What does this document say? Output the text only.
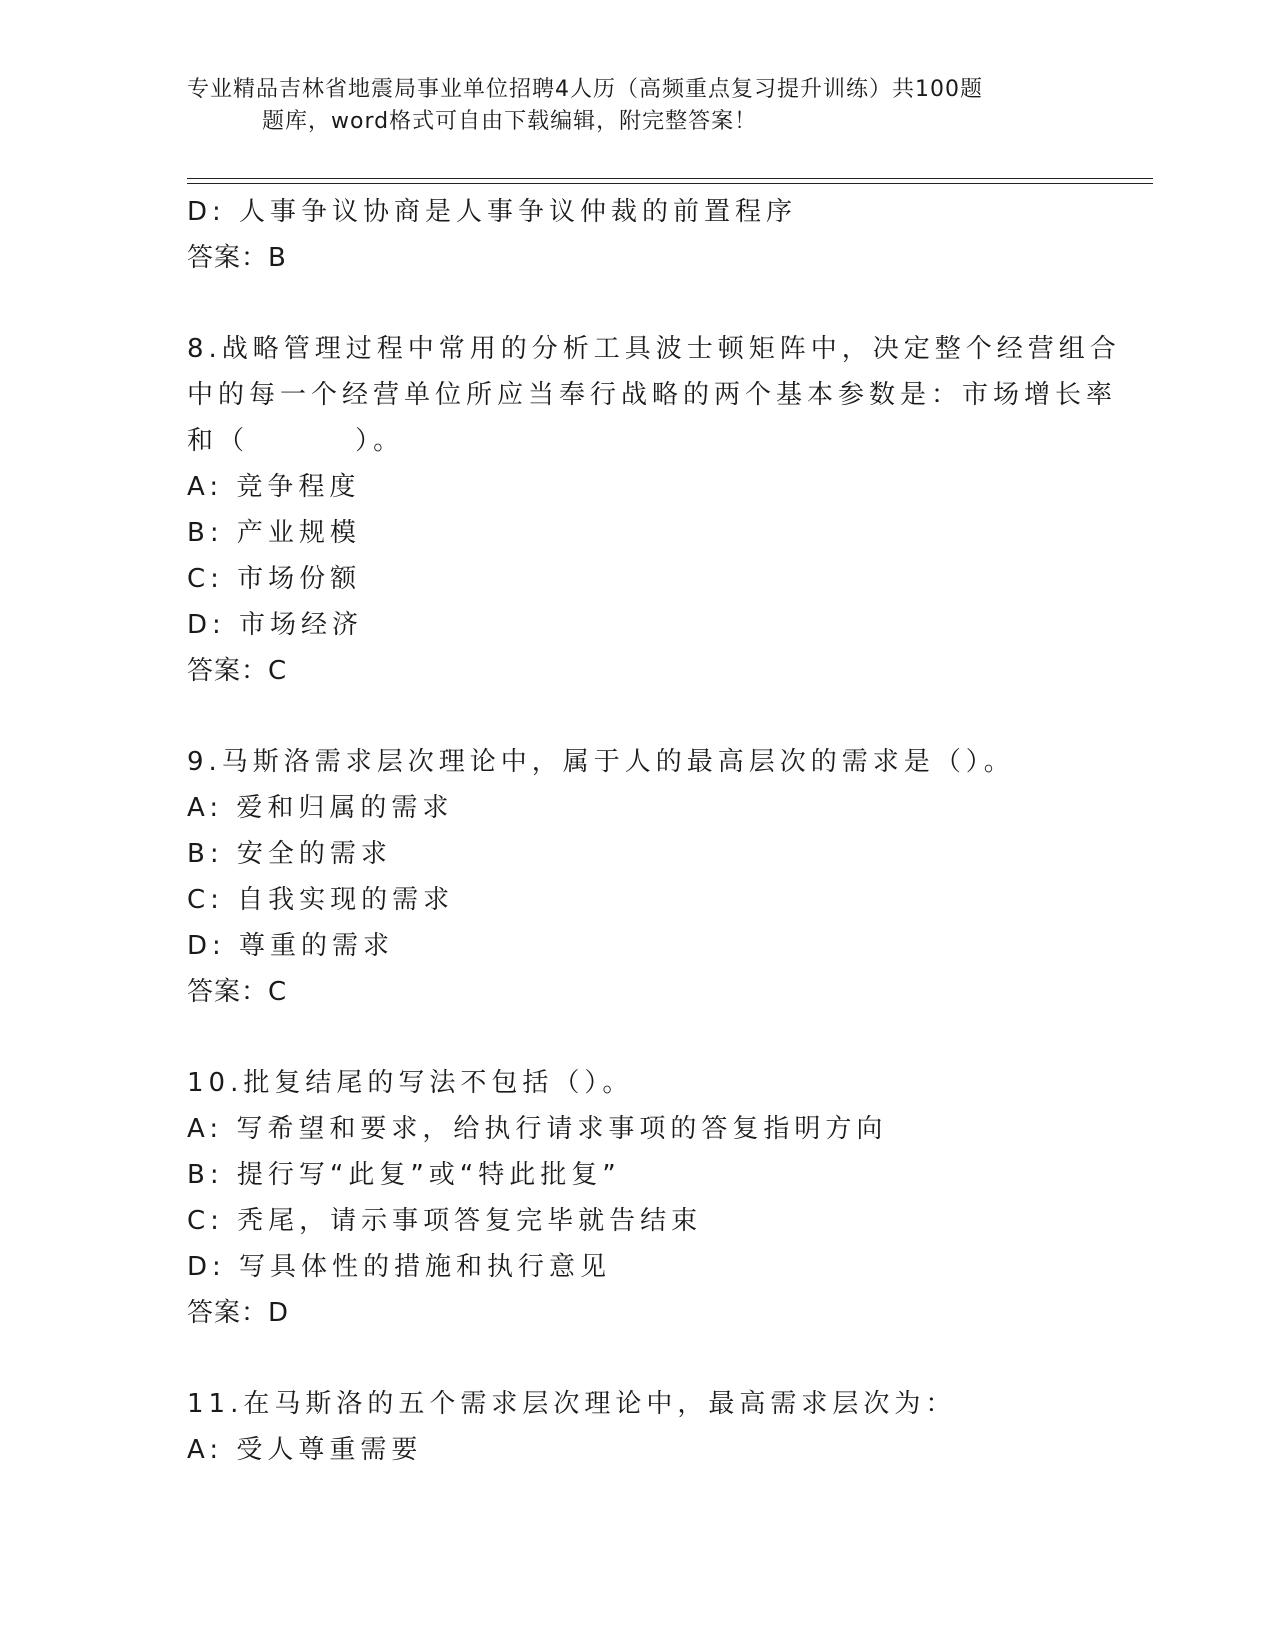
专业精品吉林省地震局事业单位招聘4人历（高频重点复习提升训练）共100题
题库，word格式可自由下载编辑，附完整答案！
D: 人事争议协商是人事争议仲裁的前置程序
答案：B
8.战略管理过程中常用的分析工具波士顿矩阵中，决定整个经营组合
中的每一个经营单位所应当奉行战略的两个基本参数是：市场增长率
和（        ）。
A: 竞争程度
B: 产业规模
C: 市场份额
D: 市场经济
答案：C
9.马斯洛需求层次理论中，属于人的最高层次的需求是（）。
A: 爱和归属的需求
B: 安全的需求
C: 自我实现的需求
D: 尊重的需求
答案：C
10.批复结尾的写法不包括（）。
A: 写希望和要求，给执行请求事项的答复指明方向
B: 提行写“此复”或“特此批复”
C: 秃尾，请示事项答复完毕就告结束
D: 写具体性的措施和执行意见
答案：D
11.在马斯洛的五个需求层次理论中，最高需求层次为：
A: 受人尊重需要
